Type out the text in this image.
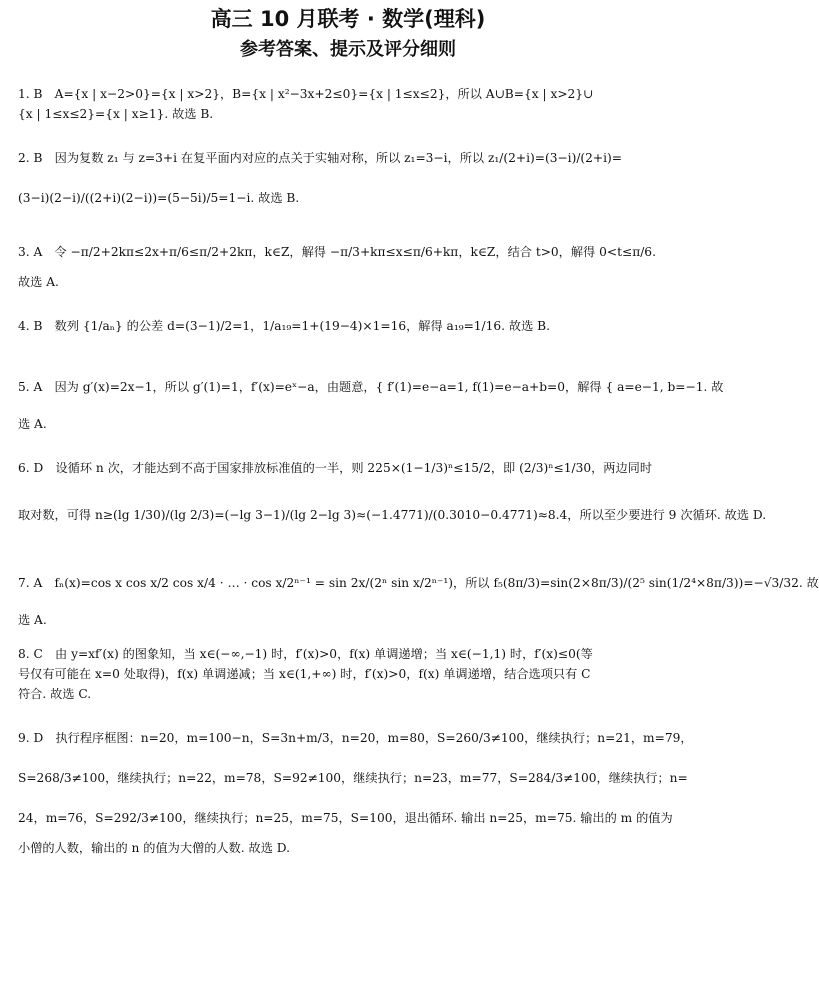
高三 10 月联考 · 数学(理科)
参考答案、提示及评分细则

1. B　A={x | x−2>0}={x | x>2}，B={x | x²−3x+2≤0}={x | 1≤x≤2}，所以 A∪B={x | x>2}∪

{x | 1≤x≤2}={x | x≥1}. 故选 B.

2. B　因为复数 z₁ 与 z=3+i 在复平面内对应的点关于实轴对称，所以 z₁=3−i，所以 z₁/(2+i)=(3−i)/(2+i)=

(3−i)(2−i)/((2+i)(2−i))=(5−5i)/5=1−i. 故选 B.

3. A　令 −π/2+2kπ≤2x+π/6≤π/2+2kπ，k∈Z，解得 −π/3+kπ≤x≤π/6+kπ，k∈Z，结合 t>0，解得 0<t≤π/6.

故选 A.

4. B　数列 {1/aₙ} 的公差 d=(3−1)/2=1，1/a₁₉=1+(19−4)×1=16，解得 a₁₉=1/16. 故选 B.

5. A　因为 g′(x)=2x−1，所以 g′(1)=1，f′(x)=eˣ−a，由题意，{ f′(1)=e−a=1, f(1)=e−a+b=0，解得 { a=e−1, b=−1. 故

选 A.

6. D　设循环 n 次，才能达到不高于国家排放标准值的一半，则 225×(1−1/3)ⁿ≤15/2，即 (2/3)ⁿ≤1/30，两边同时

取对数，可得 n≥(lg 1/30)/(lg 2/3)=(−lg 3−1)/(lg 2−lg 3)≈(−1.4771)/(0.3010−0.4771)≈8.4，所以至少要进行 9 次循环. 故选 D.

7. A　fₙ(x)=cos x cos x/2 cos x/4 · … · cos x/2ⁿ⁻¹ = sin 2x/(2ⁿ sin x/2ⁿ⁻¹)，所以 f₅(8π/3)=sin(2×8π/3)/(2⁵ sin(1/2⁴×8π/3))=−√3/32. 故

选 A.

8. C　由 y=xf′(x) 的图象知，当 x∈(−∞,−1) 时，f′(x)>0，f(x) 单调递增；当 x∈(−1,1) 时，f′(x)≤0(等

号仅有可能在 x=0 处取得)，f(x) 单调递减；当 x∈(1,+∞) 时，f′(x)>0，f(x) 单调递增，结合选项只有 C

符合. 故选 C.

9. D　执行程序框图：n=20，m=100−n，S=3n+m/3，n=20，m=80，S=260/3≠100，继续执行；n=21，m=79，

S=268/3≠100，继续执行；n=22，m=78，S=92≠100，继续执行；n=23，m=77，S=284/3≠100，继续执行；n=

24，m=76，S=292/3≠100，继续执行；n=25，m=75，S=100，退出循环. 输出 n=25，m=75. 输出的 m 的值为

小僧的人数，输出的 n 的值为大僧的人数. 故选 D.
